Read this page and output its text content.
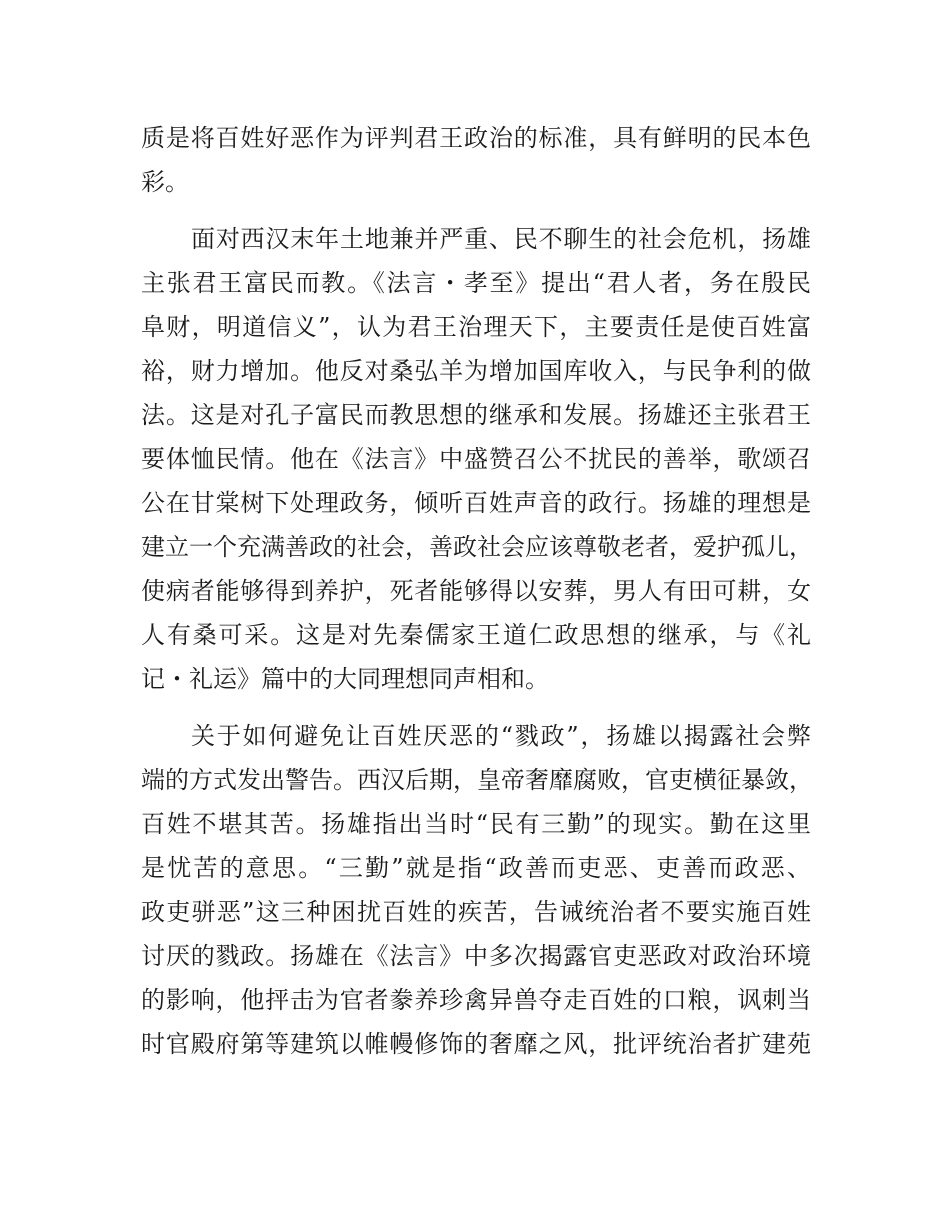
质是将百姓好恶作为评判君王政治的标准，具有鲜明的民本色
彩。
面对西汉末年土地兼并严重、民不聊生的社会危机，扬雄
主张君王富民而教。《法言・孝至》提出“君人者，务在殷民
阜财，明道信义”，认为君王治理天下，主要责任是使百姓富
裕，财力增加。他反对桑弘羊为增加国库收入，与民争利的做
法。这是对孔子富民而教思想的继承和发展。扬雄还主张君王
要体恤民情。他在《法言》中盛赞召公不扰民的善举，歌颂召
公在甘棠树下处理政务，倾听百姓声音的政行。扬雄的理想是
建立一个充满善政的社会，善政社会应该尊敬老者，爱护孤儿，
使病者能够得到养护，死者能够得以安葬，男人有田可耕，女
人有桑可采。这是对先秦儒家王道仁政思想的继承，与《礼
记・礼运》篇中的大同理想同声相和。
关于如何避免让百姓厌恶的“戮政”，扬雄以揭露社会弊
端的方式发出警告。西汉后期，皇帝奢靡腐败，官吏横征暴敛，
百姓不堪其苦。扬雄指出当时“民有三勤”的现实。勤在这里
是忧苦的意思。“三勤”就是指“政善而吏恶、吏善而政恶、
政吏骈恶”这三种困扰百姓的疾苦，告诫统治者不要实施百姓
讨厌的戮政。扬雄在《法言》中多次揭露官吏恶政对政治环境
的影响，他抨击为官者豢养珍禽异兽夺走百姓的口粮，讽刺当
时官殿府第等建筑以帷幔修饰的奢靡之风，批评统治者扩建苑
